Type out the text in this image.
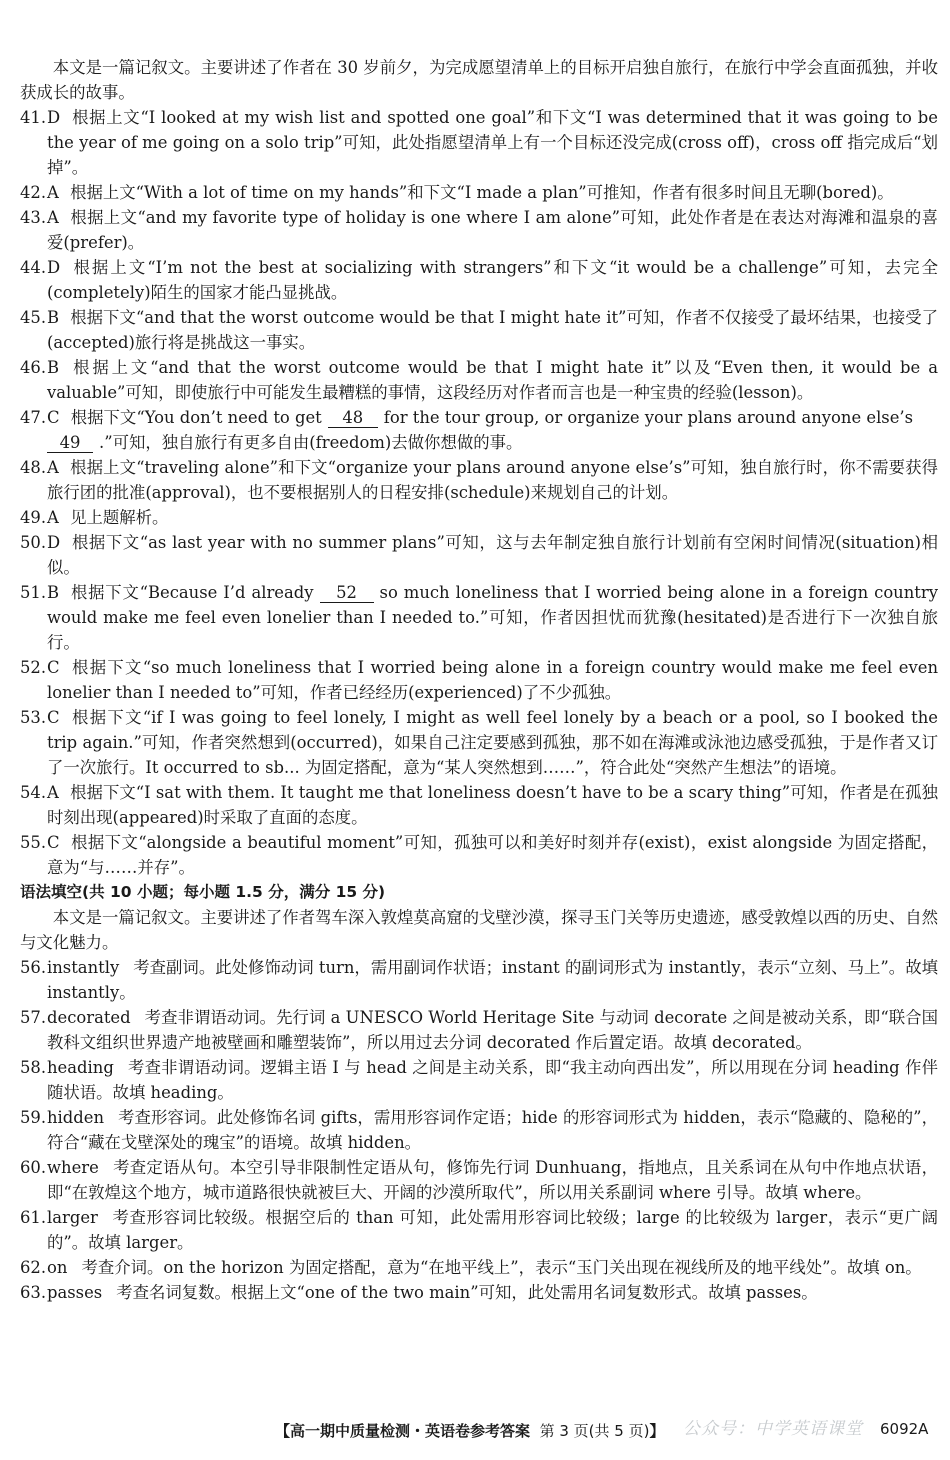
本文是一篇记叙文。主要讲述了作者在 30 岁前夕，为完成愿望清单上的目标开启独自旅行，在旅行中学会直面孤独，并收获成长的故事。
41.D 根据上文“I looked at my wish list and spotted one goal”和下文“I was determined that it was going to be the year of me going on a solo trip”可知，此处指愿望清单上有一个目标还没完成(cross off)，cross off 指完成后“划掉”。
42.A 根据上文“With a lot of time on my hands”和下文“I made a plan”可推知，作者有很多时间且无聊(bored)。
43.A 根据上文“and my favorite type of holiday is one where I am alone”可知，此处作者是在表达对海滩和温泉的喜爱(prefer)。
44.D 根据上文“I’m not the best at socializing with strangers”和下文“it would be a challenge”可知，去完全(completely)陌生的国家才能凸显挑战。
45.B 根据下文“and that the worst outcome would be that I might hate it”可知，作者不仅接受了最坏结果，也接受了(accepted)旅行将是挑战这一事实。
46.B 根据上文“and that the worst outcome would be that I might hate it”以及“Even then, it would be a valuable”可知，即使旅行中可能发生最糟糕的事情，这段经历对作者而言也是一种宝贵的经验(lesson)。
47.C 根据下文“You don’t need to get 48 for the tour group, or organize your plans around anyone else’s
49 .”可知，独自旅行有更多自由(freedom)去做你想做的事。
48.A 根据上文“traveling alone”和下文“organize your plans around anyone else’s”可知，独自旅行时，你不需要获得旅行团的批准(approval)，也不要根据别人的日程安排(schedule)来规划自己的计划。
49.A 见上题解析。
50.D 根据下文“as last year with no summer plans”可知，这与去年制定独自旅行计划前有空闲时间情况(situation)相似。
51.B 根据下文“Because I’d already 52 so much loneliness that I worried being alone in a foreign country would make me feel even lonelier than I needed to.”可知，作者因担忧而犹豫(hesitated)是否进行下一次独自旅行。
52.C 根据下文“so much loneliness that I worried being alone in a foreign country would make me feel even lonelier than I needed to”可知，作者已经经历(experienced)了不少孤独。
53.C 根据下文“if I was going to feel lonely, I might as well feel lonely by a beach or a pool, so I booked the trip again.”可知，作者突然想到(occurred)，如果自己注定要感到孤独，那不如在海滩或泳池边感受孤独，于是作者又订了一次旅行。It occurred to sb... 为固定搭配，意为“某人突然想到……”，符合此处“突然产生想法”的语境。
54.A 根据下文“I sat with them. It taught me that loneliness doesn’t have to be a scary thing”可知，作者是在孤独时刻出现(appeared)时采取了直面的态度。
55.C 根据下文“alongside a beautiful moment”可知，孤独可以和美好时刻并存(exist)，exist alongside 为固定搭配，意为“与……并存”。
语法填空(共 10 小题；每小题 1.5 分，满分 15 分)
本文是一篇记叙文。主要讲述了作者驾车深入敦煌莫高窟的戈壁沙漠，探寻玉门关等历史遗迹，感受敦煌以西的历史、自然与文化魅力。
56.instantly 考查副词。此处修饰动词 turn，需用副词作状语；instant 的副词形式为 instantly，表示“立刻、马上”。故填 instantly。
57.decorated 考查非谓语动词。先行词 a UNESCO World Heritage Site 与动词 decorate 之间是被动关系，即“联合国教科文组织世界遗产地被壁画和雕塑装饰”，所以用过去分词 decorated 作后置定语。故填 decorated。
58.heading 考查非谓语动词。逻辑主语 I 与 head 之间是主动关系，即“我主动向西出发”，所以用现在分词 heading 作伴随状语。故填 heading。
59.hidden 考查形容词。此处修饰名词 gifts，需用形容词作定语；hide 的形容词形式为 hidden，表示“隐藏的、隐秘的”，符合“藏在戈壁深处的瑰宝”的语境。故填 hidden。
60.where 考查定语从句。本空引导非限制性定语从句，修饰先行词 Dunhuang，指地点，且关系词在从句中作地点状语，即“在敦煌这个地方，城市道路很快就被巨大、开阔的沙漠所取代”，所以用关系副词 where 引导。故填 where。
61.larger 考查形容词比较级。根据空后的 than 可知，此处需用形容词比较级；large 的比较级为 larger，表示“更广阔的”。故填 larger。
62.on 考查介词。on the horizon 为固定搭配，意为“在地平线上”，表示“玉门关出现在视线所及的地平线处”。故填 on。
63.passes 考查名词复数。根据上文“one of the two main”可知，此处需用名词复数形式。故填 passes。
【高一期中质量检测・英语卷参考答案 第 3 页(共 5 页)】 公众号：中学英语课堂 6092A
